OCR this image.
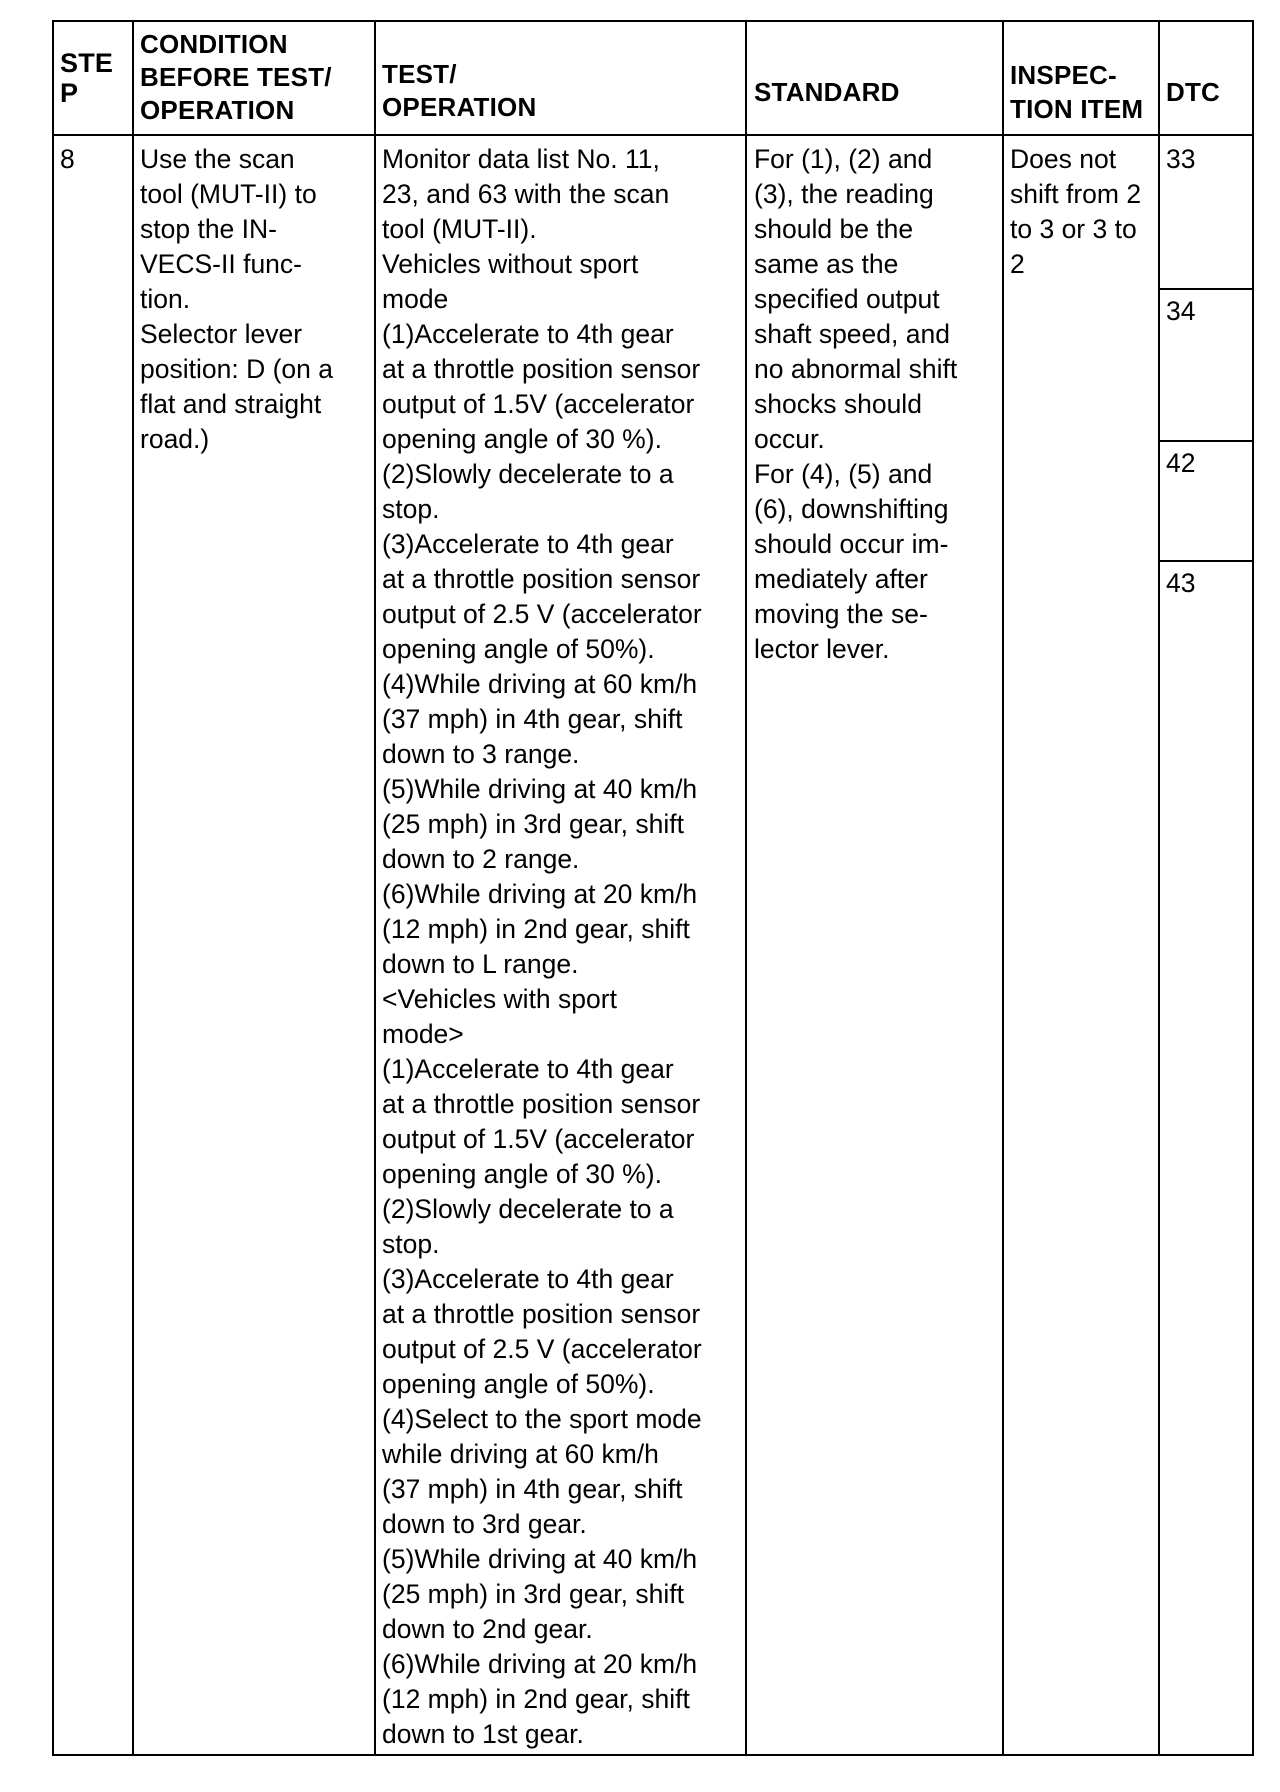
STE
P
CONDITION
BEFORE TEST/
OPERATION
TEST/
OPERATION	STANDARD
INSPEC-
TION ITEM
DTC
8 Use the scan
tool (MUT-II) to
stop the IN-
VECS-II func-
tion.
Selector lever
position: D (on a
flat and straight
road.)
Monitor data list No. 11,
23, and 63 with the scan
tool (MUT-II).
Vehicles without sport
mode
(1)Accelerate to 4th gear
at a throttle position sensor
output of 1.5V (accelerator
opening angle of 30 %).
(2)Slowly decelerate to a
stop.
(3)Accelerate to 4th gear
at a throttle position sensor
output of 2.5 V (accelerator
opening angle of 50%).
(4)While driving at 60 km/h
(37 mph) in 4th gear, shift
down to 3 range.
(5)While driving at 40 km/h
(25 mph) in 3rd gear, shift
down to 2 range.
(6)While driving at 20 km/h
(12 mph) in 2nd gear, shift
down to L range.
<Vehicles with sport
mode>
(1)Accelerate to 4th gear
at a throttle position sensor
output of 1.5V (accelerator
opening angle of 30 %).
(2)Slowly decelerate to a
stop.
(3)Accelerate to 4th gear
at a throttle position sensor
output of 2.5 V (accelerator
opening angle of 50%).
(4)Select to the sport mode
while driving at 60 km/h
(37 mph) in 4th gear, shift
down to 3rd gear.
(5)While driving at 40 km/h
(25 mph) in 3rd gear, shift
down to 2nd gear.
(6)While driving at 20 km/h
(12 mph) in 2nd gear, shift
down to 1st gear.
For (1), (2) and
(3), the reading
should be the
same as the
specified output
shaft speed, and
no abnormal shift
shocks should
occur.
For (4), (5) and
(6), downshifting
should occur im-
mediately after
moving the se-
lector lever.
Does not
shift from 2
to 3 or 3 to
2
33
34
42
43
